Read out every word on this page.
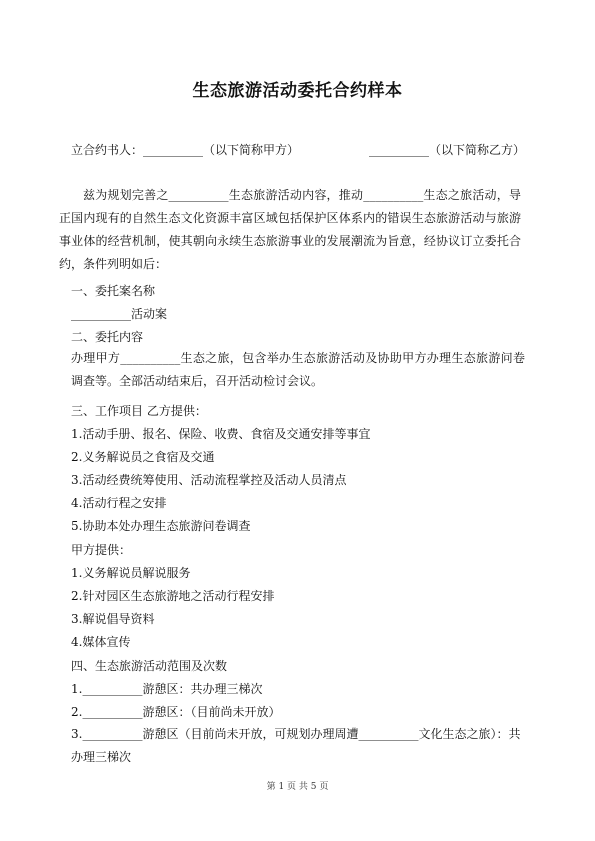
生态旅游活动委托合约样本
立合约书人：__________（以下简称甲方）	__________（以下简称乙方）
兹为规划完善之__________生态旅游活动内容，推动__________生态之旅活动，导正国内现有的自然生态文化资源丰富区域包括保护区体系内的错误生态旅游活动与旅游事业体的经营机制，使其朝向永续生态旅游事业的发展潮流为旨意，经协议订立委托合约，条件列明如后：
一、委托案名称
__________活动案
二、委托内容
办理甲方__________生态之旅，包含举办生态旅游活动及协助甲方办理生态旅游问卷调查等。全部活动结束后，召开活动检讨会议。
三、工作项目 乙方提供：
1.活动手册、报名、保险、收费、食宿及交通安排等事宜
2.义务解说员之食宿及交通
3.活动经费统筹使用、活动流程掌控及活动人员清点
4.活动行程之安排
5.协助本处办理生态旅游问卷调查
甲方提供：
1.义务解说员解说服务
2.针对园区生态旅游地之活动行程安排
3.解说倡导资料
4.媒体宣传
四、生态旅游活动范围及次数
1.__________游憩区：共办理三梯次
2.__________游憩区：（目前尚未开放）
3.__________游憩区（目前尚未开放，可规划办理周遭__________文化生态之旅）：共办理三梯次
第 1 页 共 5 页
